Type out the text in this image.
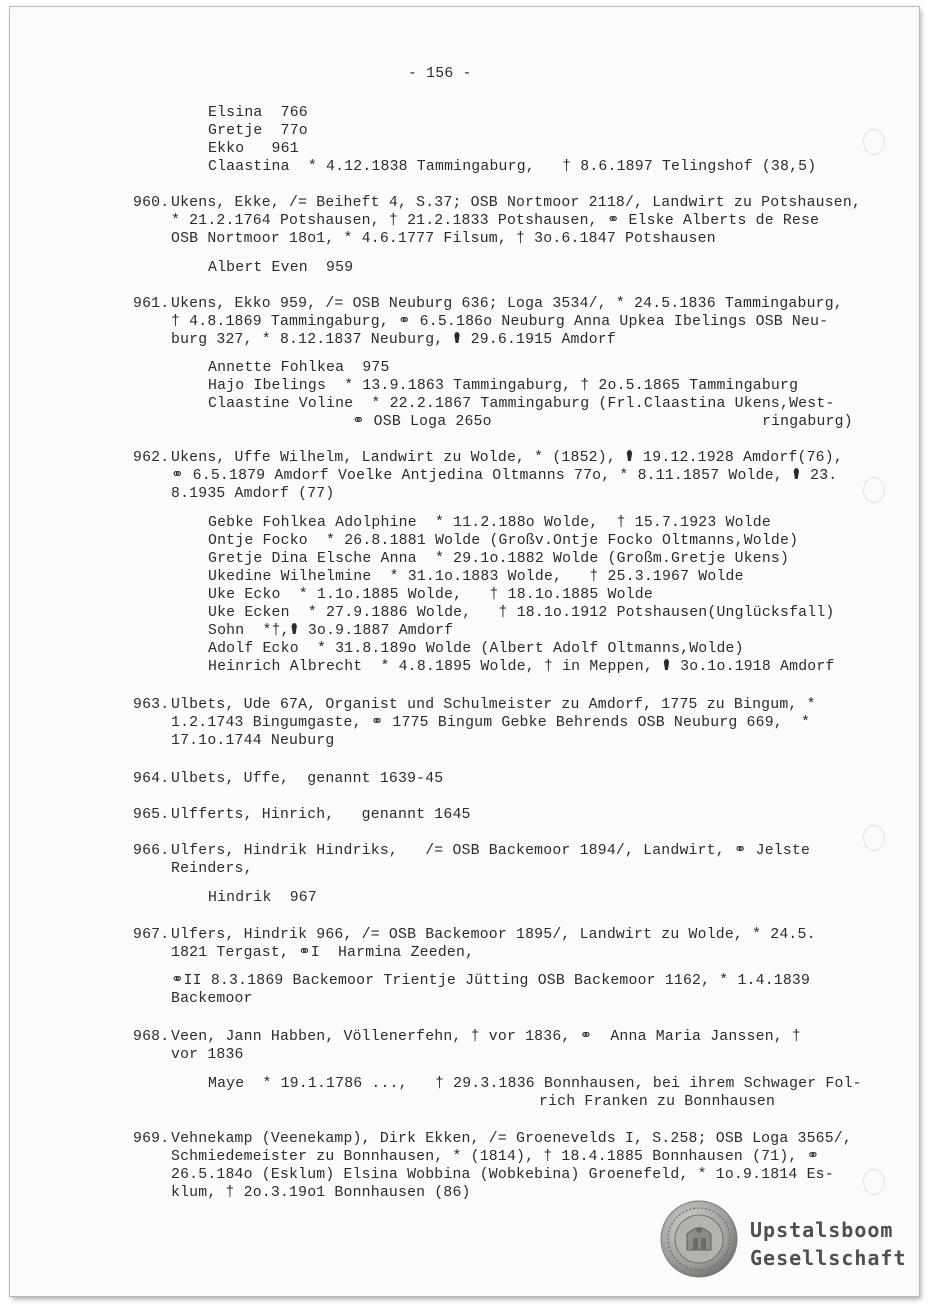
- 156 -
Elsina  766
Gretje  77o
Ekko   961
Claastina  * 4.12.1838 Tammingaburg,   † 8.6.1897 Telingshof (38,5)
960. Ukens, Ekke, /= Beiheft 4, S.37; OSB Nortmoor 2118/, Landwirt zu Potshausen,
* 21.2.1764 Potshausen, † 21.2.1833 Potshausen, ⚭ Elske Alberts de Rese
OSB Nortmoor 18o1, * 4.6.1777 Filsum, † 3o.6.1847 Potshausen
Albert Even  959
961. Ukens, Ekko 959, /= OSB Neuburg 636; Loga 3534/, * 24.5.1836 Tammingaburg,
† 4.8.1869 Tammingaburg, ⚭ 6.5.186o Neuburg Anna Upkea Ibelings OSB Neu-
burg 327, * 8.12.1837 Neuburg, ⚰ 29.6.1915 Amdorf
Annette Fohlkea  975
Hajo Ibelings  * 13.9.1863 Tammingaburg, † 2o.5.1865 Tammingaburg
Claastine Voline  * 22.2.1867 Tammingaburg (Frl.Claastina Ukens,West-
⚭ OSB Loga 265o	ringaburg)
962. Ukens, Uffe Wilhelm, Landwirt zu Wolde, * (1852), ⚰ 19.12.1928 Amdorf(76),
⚭ 6.5.1879 Amdorf Voelke Antjedina Oltmanns 77o, * 8.11.1857 Wolde, ⚰ 23.
8.1935 Amdorf (77)
Gebke Fohlkea Adolphine  * 11.2.188o Wolde,  † 15.7.1923 Wolde
Ontje Focko  * 26.8.1881 Wolde (Großv.Ontje Focko Oltmanns,Wolde)
Gretje Dina Elsche Anna  * 29.1o.1882 Wolde (Großm.Gretje Ukens)
Ukedine Wilhelmine  * 31.1o.1883 Wolde,   † 25.3.1967 Wolde
Uke Ecko  * 1.1o.1885 Wolde,   † 18.1o.1885 Wolde
Uke Ecken  * 27.9.1886 Wolde,   † 18.1o.1912 Potshausen(Unglücksfall)
Sohn  *†,⚰ 3o.9.1887 Amdorf
Adolf Ecko  * 31.8.189o Wolde (Albert Adolf Oltmanns,Wolde)
Heinrich Albrecht  * 4.8.1895 Wolde, † in Meppen, ⚰ 3o.1o.1918 Amdorf
963. Ulbets, Ude 67A, Organist und Schulmeister zu Amdorf, 1775 zu Bingum, *
1.2.1743 Bingumgaste, ⚭ 1775 Bingum Gebke Behrends OSB Neuburg 669,  *
17.1o.1744 Neuburg
964. Ulbets, Uffe,  genannt 1639-45
965. Ulfferts, Hinrich,   genannt 1645
966. Ulfers, Hindrik Hindriks,   /= OSB Backemoor 1894/, Landwirt, ⚭ Jelste
Reinders,
Hindrik  967
967. Ulfers, Hindrik 966, /= OSB Backemoor 1895/, Landwirt zu Wolde, * 24.5.
1821 Tergast, ⚭I  Harmina Zeeden,
⚭II 8.3.1869 Backemoor Trientje Jütting OSB Backemoor 1162, * 1.4.1839
Backemoor
968. Veen, Jann Habben, Völlenerfehn, † vor 1836, ⚭  Anna Maria Janssen, †
vor 1836
Maye  * 19.1.1786 ...,   † 29.3.1836 Bonnhausen, bei ihrem Schwager Fol-
rich Franken zu Bonnhausen
969. Vehnekamp (Veenekamp), Dirk Ekken, /= Groenevelds I, S.258; OSB Loga 3565/,
Schmiedemeister zu Bonnhausen, * (1814), † 18.4.1885 Bonnhausen (71), ⚭
26.5.184o (Esklum) Elsina Wobbina (Wobkebina) Groenefeld, * 1o.9.1814 Es-
klum, † 2o.3.19o1 Bonnhausen (86)
Upstalsboom
Gesellschaft
